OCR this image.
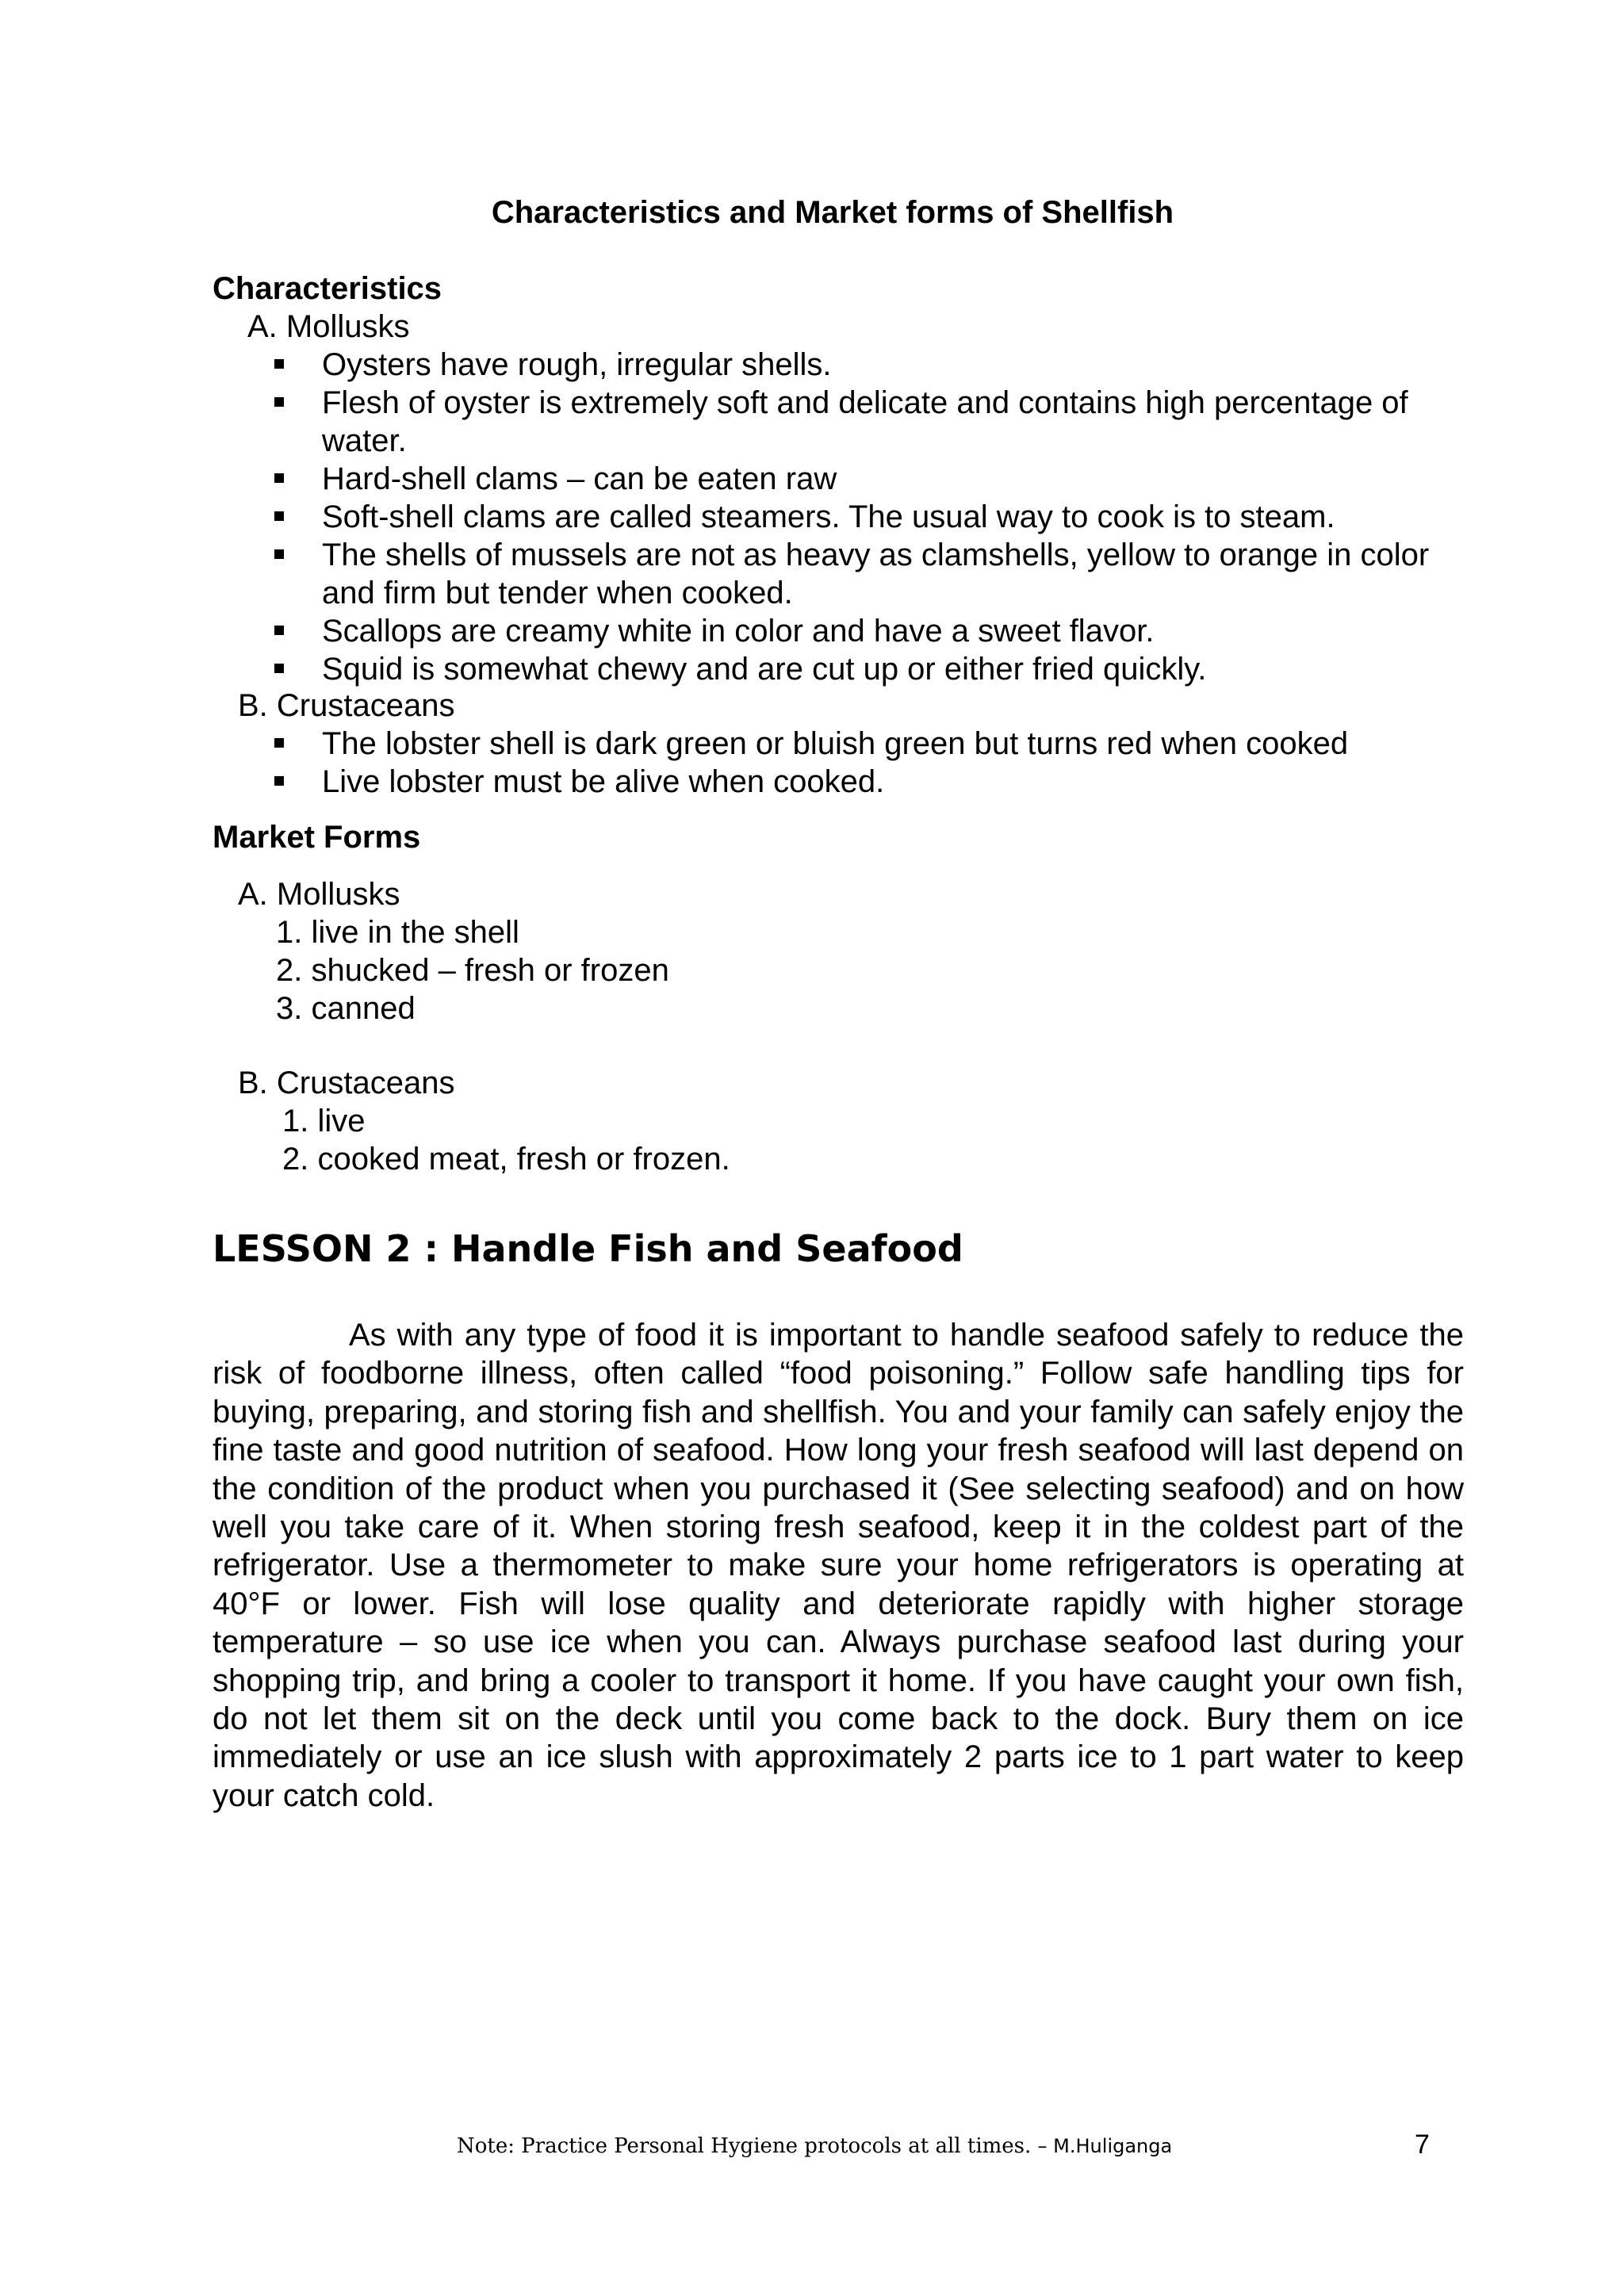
Characteristics and Market forms of Shellfish
Characteristics
A. Mollusks
Oysters have rough, irregular shells.
Flesh of oyster is extremely soft and delicate and contains high percentage of water.
Hard-shell clams – can be eaten raw
Soft-shell clams are called steamers. The usual way to cook is to steam.
The shells of mussels are not as heavy as clamshells, yellow to orange in color and firm but tender when cooked.
Scallops are creamy white in color and have a sweet flavor.
Squid is somewhat chewy and are cut up or either fried quickly.
B. Crustaceans
The lobster shell is dark green or bluish green but turns red when cooked
Live lobster must be alive when cooked.
Market Forms
A. Mollusks
1. live in the shell
2. shucked – fresh or frozen
3. canned
B. Crustaceans
1. live
2. cooked meat, fresh or frozen.
LESSON 2 : Handle Fish and Seafood

As with any type of food it is important to handle seafood safely to reduce the risk of foodborne illness, often called “food poisoning.” Follow safe handling tips for buying, preparing, and storing fish and shellfish. You and your family can safely enjoy the fine taste and good nutrition of seafood. How long your fresh seafood will last depend on the condition of the product when you purchased it (See selecting seafood) and on how well you take care of it. When storing fresh seafood, keep it in the coldest part of the refrigerator. Use a thermometer to make sure your home refrigerators is operating at 40°F or lower. Fish will lose quality and deteriorate rapidly with higher storage temperature – so use ice when you can. Always purchase seafood last during your shopping trip, and bring a cooler to transport it home. If you have caught your own fish, do not let them sit on the deck until you come back to the dock. Bury them on ice immediately or use an ice slush with approximately 2 parts ice to 1 part water to keep your catch cold.

Note: Practice Personal Hygiene protocols at all times. – M.Huliganga	7
